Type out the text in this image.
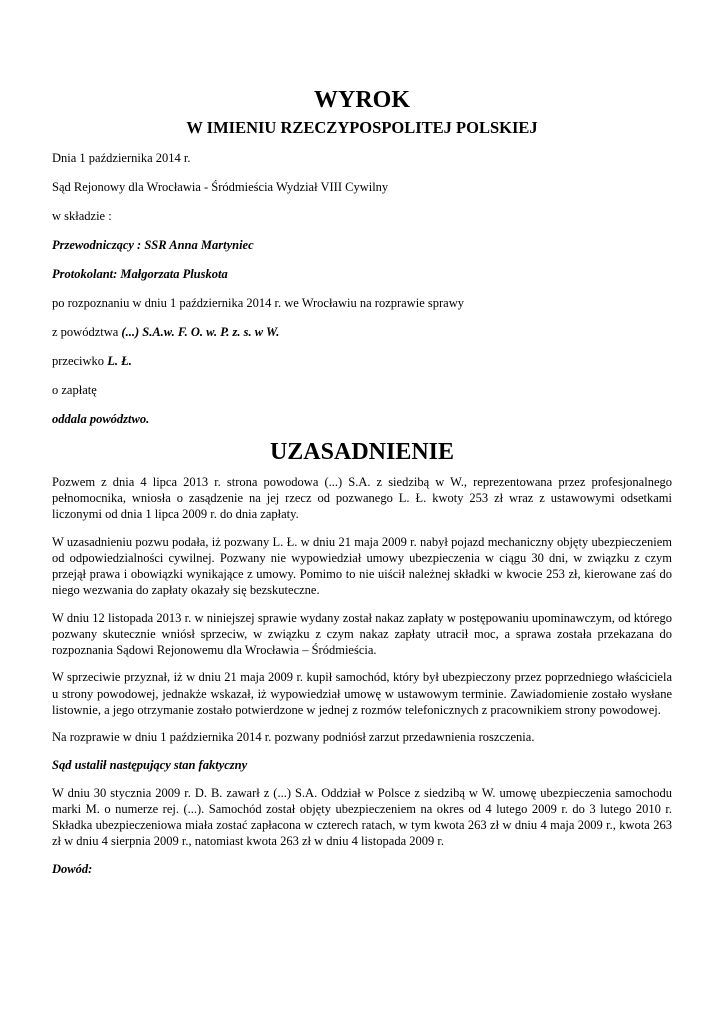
WYROK
W IMIENIU RZECZYPOSPOLITEJ POLSKIEJ

Dnia 1 października 2014 r.

Sąd Rejonowy dla Wrocławia - Śródmieścia Wydział VIII Cywilny

w składzie :

Przewodniczący : SSR Anna Martyniec

Protokolant: Małgorzata Pluskota

po rozpoznaniu w dniu 1 października 2014 r. we Wrocławiu na rozprawie sprawy

z powództwa (...) S.A.w. F. O. w. P. z. s. w W.

przeciwko L. Ł.

o zapłatę

oddala powództwo.

UZASADNIENIE

Pozwem z dnia 4 lipca 2013 r. strona powodowa (...) S.A. z siedzibą w W., reprezentowana przez profesjonalnego pełnomocnika, wniosła o zasądzenie na jej rzecz od pozwanego L. Ł. kwoty 253 zł wraz z ustawowymi odsetkami liczonymi od dnia 1 lipca 2009 r. do dnia zapłaty.

W uzasadnieniu pozwu podała, iż pozwany L. Ł. w dniu 21 maja 2009 r. nabył pojazd mechaniczny objęty ubezpieczeniem od odpowiedzialności cywilnej. Pozwany nie wypowiedział umowy ubezpieczenia w ciągu 30 dni, w związku z czym przejął prawa i obowiązki wynikające z umowy. Pomimo to nie uiścił należnej składki w kwocie 253 zł, kierowane zaś do niego wezwania do zapłaty okazały się bezskuteczne.

W dniu 12 listopada 2013 r. w niniejszej sprawie wydany został nakaz zapłaty w postępowaniu upominawczym, od którego pozwany skutecznie wniósł sprzeciw, w związku z czym nakaz zapłaty utracił moc, a sprawa została przekazana do rozpoznania Sądowi Rejonowemu dla Wrocławia – Śródmieścia.

W sprzeciwie przyznał, iż w dniu 21 maja 2009 r. kupił samochód, który był ubezpieczony przez poprzedniego właściciela u strony powodowej, jednakże wskazał, iż wypowiedział umowę w ustawowym terminie. Zawiadomienie zostało wysłane listownie, a jego otrzymanie zostało potwierdzone w jednej z rozmów telefonicznych z pracownikiem strony powodowej.

Na rozprawie w dniu 1 października 2014 r. pozwany podniósł zarzut przedawnienia roszczenia.

Sąd ustalił następujący stan faktyczny

W dniu 30 stycznia 2009 r. D. B. zawarł z (...) S.A. Oddział w Polsce z siedzibą w W. umowę ubezpieczenia samochodu marki M. o numerze rej. (...). Samochód został objęty ubezpieczeniem na okres od 4 lutego 2009 r. do 3 lutego 2010 r. Składka ubezpieczeniowa miała zostać zapłacona w czterech ratach, w tym kwota 263 zł w dniu 4 maja 2009 r., kwota 263 zł w dniu 4 sierpnia 2009 r., natomiast kwota 263 zł w dniu 4 listopada 2009 r.

Dowód:
